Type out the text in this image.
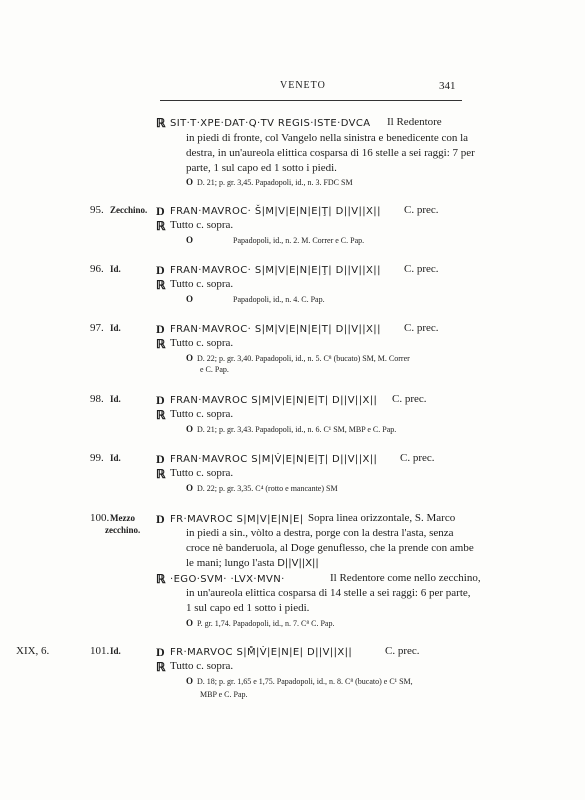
VENETO	341
ℝ SIT·T·XPE·DAT·Q·TV REGIS·ISTE·DVCA Il Redentore
in piedi di fronte, col Vangelo nella sinistra e benedicente con la
destra, in un'aureola elittica cosparsa di 16 stelle a sei raggi: 7 per
parte, 1 sul capo ed 1 sotto i piedi.
O D. 21; p. gr. 3,45. Papadopoli, id., n. 3. FDC SM
95. Zecchino. D FRAN·MAVROC· Š|M|V|E|N|E|Ţ| D||V||X|| C. prec.
ℝ Tutto c. sopra.
O	Papadopoli, id., n. 2. M. Correr e C. Pap.
96. Id.	D FRAN·MAVROC· S|M|V|E|N|E|Ţ| D||V||X|| C. prec.
ℝ Tutto c. sopra.
O	Papadopoli, id., n. 4. C. Pap.
97. Id.	D FRAN·MAVROC· S|M|V|E|N|E|T| D||V||X|| C. prec.
ℝ Tutto c. sopra.
O D. 22; p. gr. 3,40. Papadopoli, id., n. 5. C⁸ (bucato) SM, M. Correr
e C. Pap.
98. Id.	D FRAN·MAVROC S|M|V|E|N|E|T| D||V||X|| C. prec.
ℝ Tutto c. sopra.
O D. 21; p. gr. 3,43. Papadopoli, id., n. 6. C¹ SM, MBP e C. Pap.
99. Id.	D FRAN·MAVROC S|M|V̇|E|N|E|Ţ| D||V||X|| C. prec.
ℝ Tutto c. sopra.
O D. 22; p. gr. 3,35. C⁴ (rotto e mancante) SM
100. Mezzo
zecchino.
D FR·MAVROC S|M|V|E|N|E| Sopra linea orizzontale, S. Marco
in piedi a sin., vòlto a destra, porge con la destra l'asta, senza
croce nè banderuola, al Doge genuflesso, che la prende con ambe
le mani; lungo l'asta D||V||X||
ℝ ·EGO·SVM· ·LVX·MVN·	Il Redentore come nello zecchino,
in un'aureola elittica cosparsa di 14 stelle a sei raggi: 6 per parte,
1 sul capo ed 1 sotto i piedi.
O P. gr. 1,74. Papadopoli, id., n. 7. C⁸ C. Pap.
XIX, 6.	101. Id.	D FR·MARVOC S|M̊|V̇|E|N|E| D||V||X||	C. prec.
ℝ Tutto c. sopra.
O D. 18; p. gr. 1,65 e 1,75. Papadopoli, id., n. 8. C⁸ (bucato) e C¹ SM,
MBP e C. Pap.
